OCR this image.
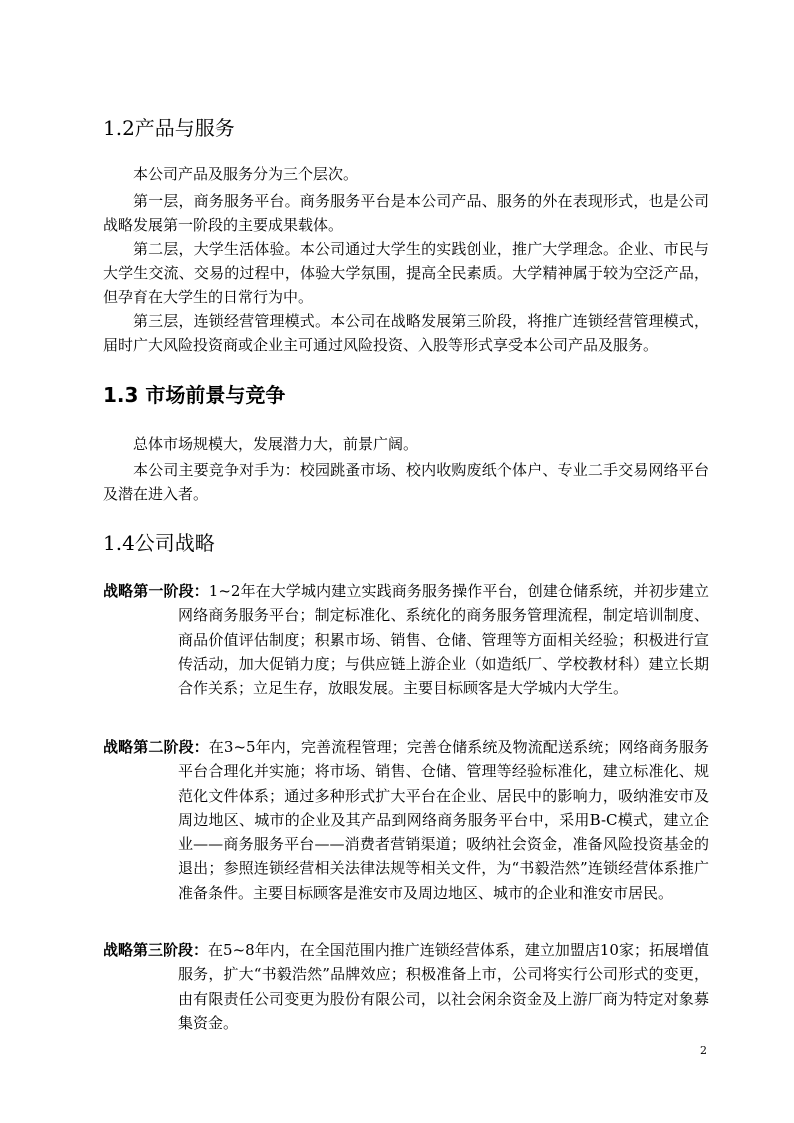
1.2产品与服务

本公司产品及服务分为三个层次。

第一层，商务服务平台。商务服务平台是本公司产品、服务的外在表现形式，也是公司战略发展第一阶段的主要成果载体。

第二层，大学生活体验。本公司通过大学生的实践创业，推广大学理念。企业、市民与大学生交流、交易的过程中，体验大学氛围，提高全民素质。大学精神属于较为空泛产品，但孕育在大学生的日常行为中。

第三层，连锁经营管理模式。本公司在战略发展第三阶段，将推广连锁经营管理模式，届时广大风险投资商或企业主可通过风险投资、入股等形式享受本公司产品及服务。

1.3 市场前景与竞争

总体市场规模大，发展潜力大，前景广阔。

本公司主要竞争对手为：校园跳蚤市场、校内收购废纸个体户、专业二手交易网络平台及潜在进入者。

1.4公司战略

战略第一阶段：1~2年在大学城内建立实践商务服务操作平台，创建仓储系统，并初步建立网络商务服务平台；制定标准化、系统化的商务服务管理流程，制定培训制度、商品价值评估制度；积累市场、销售、仓储、管理等方面相关经验；积极进行宣传活动，加大促销力度；与供应链上游企业（如造纸厂、学校教材科）建立长期合作关系；立足生存，放眼发展。主要目标顾客是大学城内大学生。

战略第二阶段：在3~5年内，完善流程管理；完善仓储系统及物流配送系统；网络商务服务平台合理化并实施；将市场、销售、仓储、管理等经验标准化，建立标准化、规范化文件体系；通过多种形式扩大平台在企业、居民中的影响力，吸纳淮安市及周边地区、城市的企业及其产品到网络商务服务平台中，采用B-C模式，建立企业——商务服务平台——消费者营销渠道；吸纳社会资金，准备风险投资基金的退出；参照连锁经营相关法律法规等相关文件，为“书毅浩然”连锁经营体系推广准备条件。主要目标顾客是淮安市及周边地区、城市的企业和淮安市居民。

战略第三阶段：在5~8年内，在全国范围内推广连锁经营体系，建立加盟店10家；拓展增值服务，扩大“书毅浩然”品牌效应；积极准备上市，公司将实行公司形式的变更，由有限责任公司变更为股份有限公司，以社会闲余资金及上游厂商为特定对象募集资金。

2
